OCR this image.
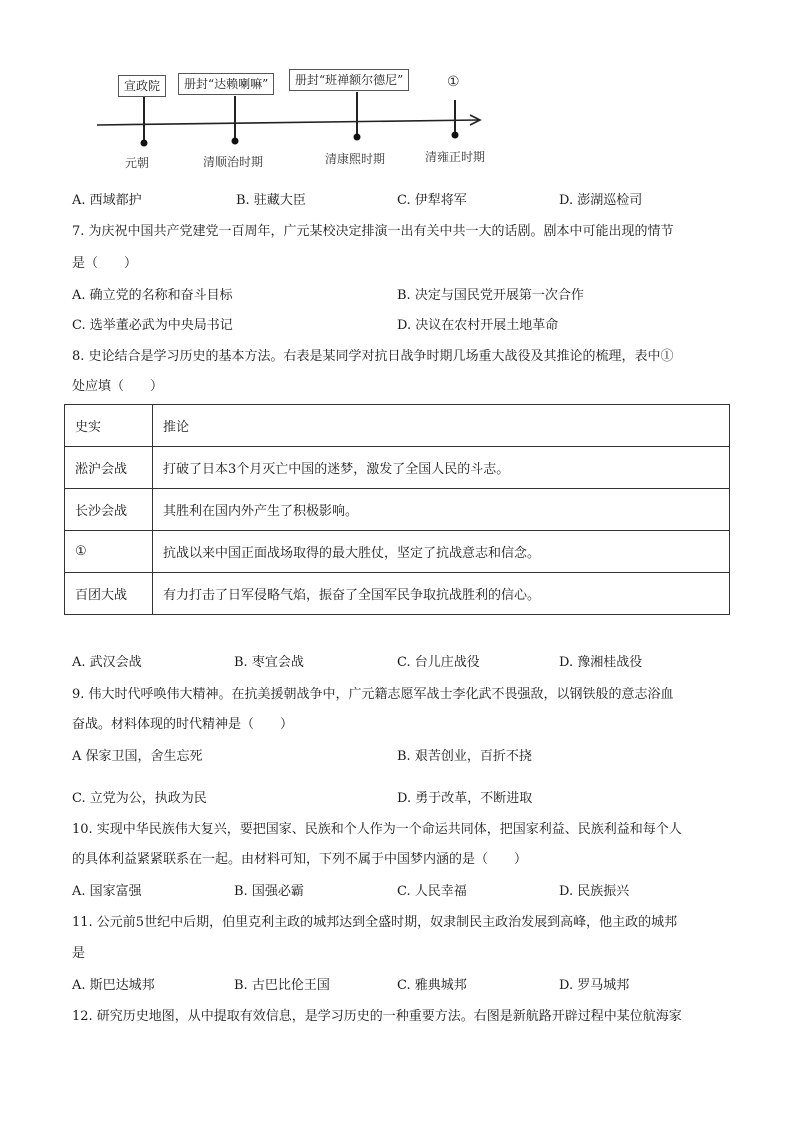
宣政院	册封“达赖喇嘛”	册封“班禅额尔德尼”	①
元朝	清顺治时期	清康熙时期	清雍正时期
A. 西域都护	B. 驻藏大臣	C. 伊犁将军	D. 澎湖巡检司
7. 为庆祝中国共产党建党一百周年，广元某校决定排演一出有关中共一大的话剧。剧本中可能出现的情节
是（　　）
A. 确立党的名称和奋斗目标	B. 决定与国民党开展第一次合作
C. 选举董必武为中央局书记	D. 决议在农村开展土地革命
8. 史论结合是学习历史的基本方法。右表是某同学对抗日战争时期几场重大战役及其推论的梳理，表中①
处应填（　　）
史实	推论
淞沪会战	打破了日本3个月灭亡中国的迷梦，激发了全国人民的斗志。
长沙会战	其胜利在国内外产生了积极影响。
①	抗战以来中国正面战场取得的最大胜仗，坚定了抗战意志和信念。
百团大战	有力打击了日军侵略气焰，振奋了全国军民争取抗战胜利的信心。
A. 武汉会战	B. 枣宜会战	C. 台儿庄战役	D. 豫湘桂战役
9. 伟大时代呼唤伟大精神。在抗美援朝战争中，广元籍志愿军战士李化武不畏强敌，以钢铁般的意志浴血
奋战。材料体现的时代精神是（　　）
A 保家卫国，舍生忘死	B. 艰苦创业，百折不挠
C. 立党为公，执政为民	D. 勇于改革，不断进取
10. 实现中华民族伟大复兴，要把国家、民族和个人作为一个命运共同体，把国家利益、民族利益和每个人
的具体利益紧紧联系在一起。由材料可知，下列不属于中国梦内涵的是（　　）
A. 国家富强	B. 国强必霸	C. 人民幸福	D. 民族振兴
11. 公元前5世纪中后期，伯里克利主政的城邦达到全盛时期，奴隶制民主政治发展到高峰，他主政的城邦
是
A. 斯巴达城邦	B. 古巴比伦王国	C. 雅典城邦	D. 罗马城邦
12. 研究历史地图，从中提取有效信息，是学习历史的一种重要方法。右图是新航路开辟过程中某位航海家
